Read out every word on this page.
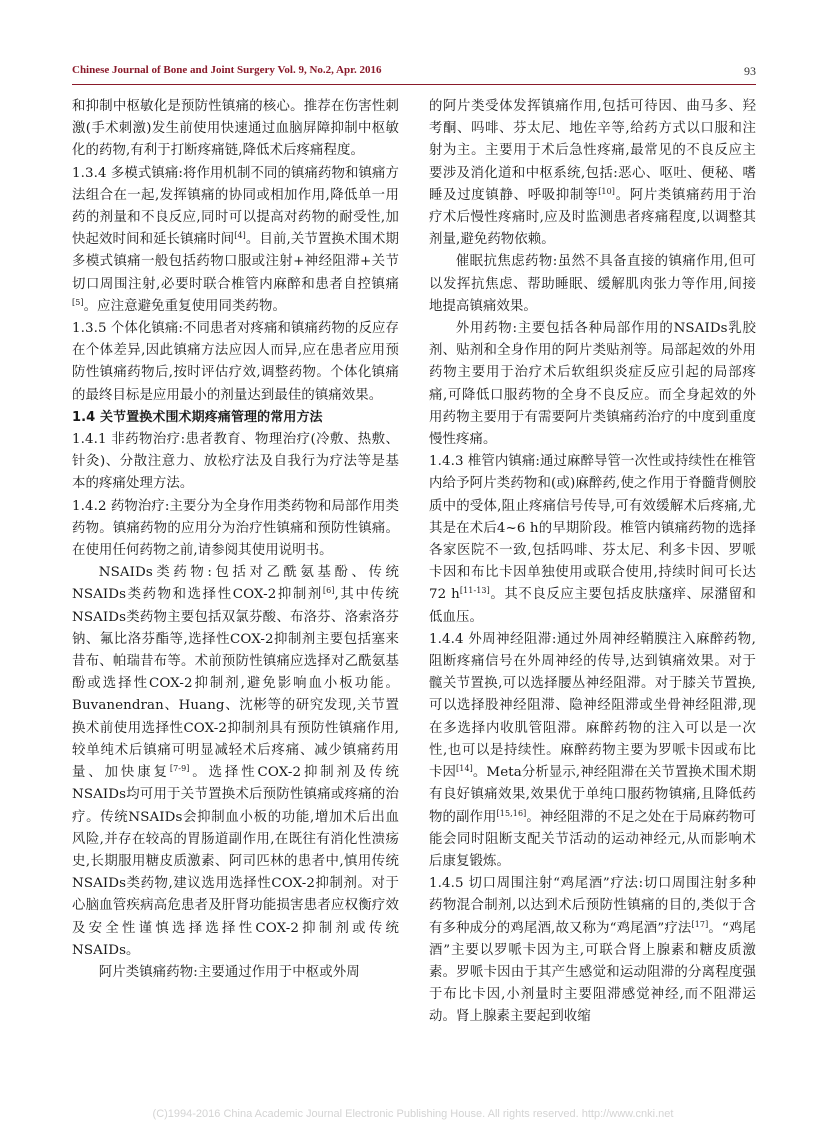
Chinese Journal of Bone and Joint Surgery Vol. 9, No.2, Apr. 2016	93

和抑制中枢敏化是预防性镇痛的核心。推荐在伤害性刺激(手术刺激)发生前使用快速通过血脑屏障抑制中枢敏化的药物,有利于打断疼痛链,降低术后疼痛程度。

1.3.4 多模式镇痛:将作用机制不同的镇痛药物和镇痛方法组合在一起,发挥镇痛的协同或相加作用,降低单一用药的剂量和不良反应,同时可以提高对药物的耐受性,加快起效时间和延长镇痛时间[4]。目前,关节置换术围术期多模式镇痛一般包括药物口服或注射+神经阻滞+关节切口周围注射,必要时联合椎管内麻醉和患者自控镇痛[5]。应注意避免重复使用同类药物。

1.3.5 个体化镇痛:不同患者对疼痛和镇痛药物的反应存在个体差异,因此镇痛方法应因人而异,应在患者应用预防性镇痛药物后,按时评估疗效,调整药物。个体化镇痛的最终目标是应用最小的剂量达到最佳的镇痛效果。

1.4 关节置换术围术期疼痛管理的常用方法

1.4.1 非药物治疗:患者教育、物理治疗(冷敷、热敷、针灸)、分散注意力、放松疗法及自我行为疗法等是基本的疼痛处理方法。

1.4.2 药物治疗:主要分为全身作用类药物和局部作用类药物。镇痛药物的应用分为治疗性镇痛和预防性镇痛。在使用任何药物之前,请参阅其使用说明书。

NSAIDs类药物:包括对乙酰氨基酚、传统NSAIDs类药物和选择性COX-2抑制剂[6],其中传统NSAIDs类药物主要包括双氯芬酸、布洛芬、洛索洛芬钠、氟比洛芬酯等,选择性COX-2抑制剂主要包括塞来昔布、帕瑞昔布等。术前预防性镇痛应选择对乙酰氨基酚或选择性COX-2抑制剂,避免影响血小板功能。Buvanendran、Huang、沈彬等的研究发现,关节置换术前使用选择性COX-2抑制剂具有预防性镇痛作用,较单纯术后镇痛可明显减轻术后疼痛、减少镇痛药用量、加快康复[7-9]。选择性COX-2抑制剂及传统NSAIDs均可用于关节置换术后预防性镇痛或疼痛的治疗。传统NSAIDs会抑制血小板的功能,增加术后出血风险,并存在较高的胃肠道副作用,在既往有消化性溃疡史,长期服用糖皮质激素、阿司匹林的患者中,慎用传统NSAIDs类药物,建议选用选择性COX-2抑制剂。对于心脑血管疾病高危患者及肝肾功能损害患者应权衡疗效及安全性谨慎选择选择性COX-2抑制剂或传统NSAIDs。

阿片类镇痛药物:主要通过作用于中枢或外周

的阿片类受体发挥镇痛作用,包括可待因、曲马多、羟考酮、吗啡、芬太尼、地佐辛等,给药方式以口服和注射为主。主要用于术后急性疼痛,最常见的不良反应主要涉及消化道和中枢系统,包括:恶心、呕吐、便秘、嗜睡及过度镇静、呼吸抑制等[10]。阿片类镇痛药用于治疗术后慢性疼痛时,应及时监测患者疼痛程度,以调整其剂量,避免药物依赖。

催眠抗焦虑药物:虽然不具备直接的镇痛作用,但可以发挥抗焦虑、帮助睡眠、缓解肌肉张力等作用,间接地提高镇痛效果。

外用药物:主要包括各种局部作用的NSAIDs乳胶剂、贴剂和全身作用的阿片类贴剂等。局部起效的外用药物主要用于治疗术后软组织炎症反应引起的局部疼痛,可降低口服药物的全身不良反应。而全身起效的外用药物主要用于有需要阿片类镇痛药治疗的中度到重度慢性疼痛。

1.4.3 椎管内镇痛:通过麻醉导管一次性或持续性在椎管内给予阿片类药物和(或)麻醉药,使之作用于脊髓背侧胶质中的受体,阻止疼痛信号传导,可有效缓解术后疼痛,尤其是在术后4~6 h的早期阶段。椎管内镇痛药物的选择各家医院不一致,包括吗啡、芬太尼、利多卡因、罗哌卡因和布比卡因单独使用或联合使用,持续时间可长达72 h[11-13]。其不良反应主要包括皮肤瘙痒、尿潴留和低血压。

1.4.4 外周神经阻滞:通过外周神经鞘膜注入麻醉药物,阻断疼痛信号在外周神经的传导,达到镇痛效果。对于髋关节置换,可以选择腰丛神经阻滞。对于膝关节置换,可以选择股神经阻滞、隐神经阻滞或坐骨神经阻滞,现在多选择内收肌管阻滞。麻醉药物的注入可以是一次性,也可以是持续性。麻醉药物主要为罗哌卡因或布比卡因[14]。Meta分析显示,神经阻滞在关节置换术围术期有良好镇痛效果,效果优于单纯口服药物镇痛,且降低药物的副作用[15,16]。神经阻滞的不足之处在于局麻药物可能会同时阻断支配关节活动的运动神经元,从而影响术后康复锻炼。

1.4.5 切口周围注射“鸡尾酒”疗法:切口周围注射多种药物混合制剂,以达到术后预防性镇痛的目的,类似于含有多种成分的鸡尾酒,故又称为“鸡尾酒”疗法[17]。“鸡尾酒”主要以罗哌卡因为主,可联合肾上腺素和糖皮质激素。罗哌卡因由于其产生感觉和运动阻滞的分离程度强于布比卡因,小剂量时主要阻滞感觉神经,而不阻滞运动。肾上腺素主要起到收缩

(C)1994-2016 China Academic Journal Electronic Publishing House. All rights reserved. http://www.cnki.net
